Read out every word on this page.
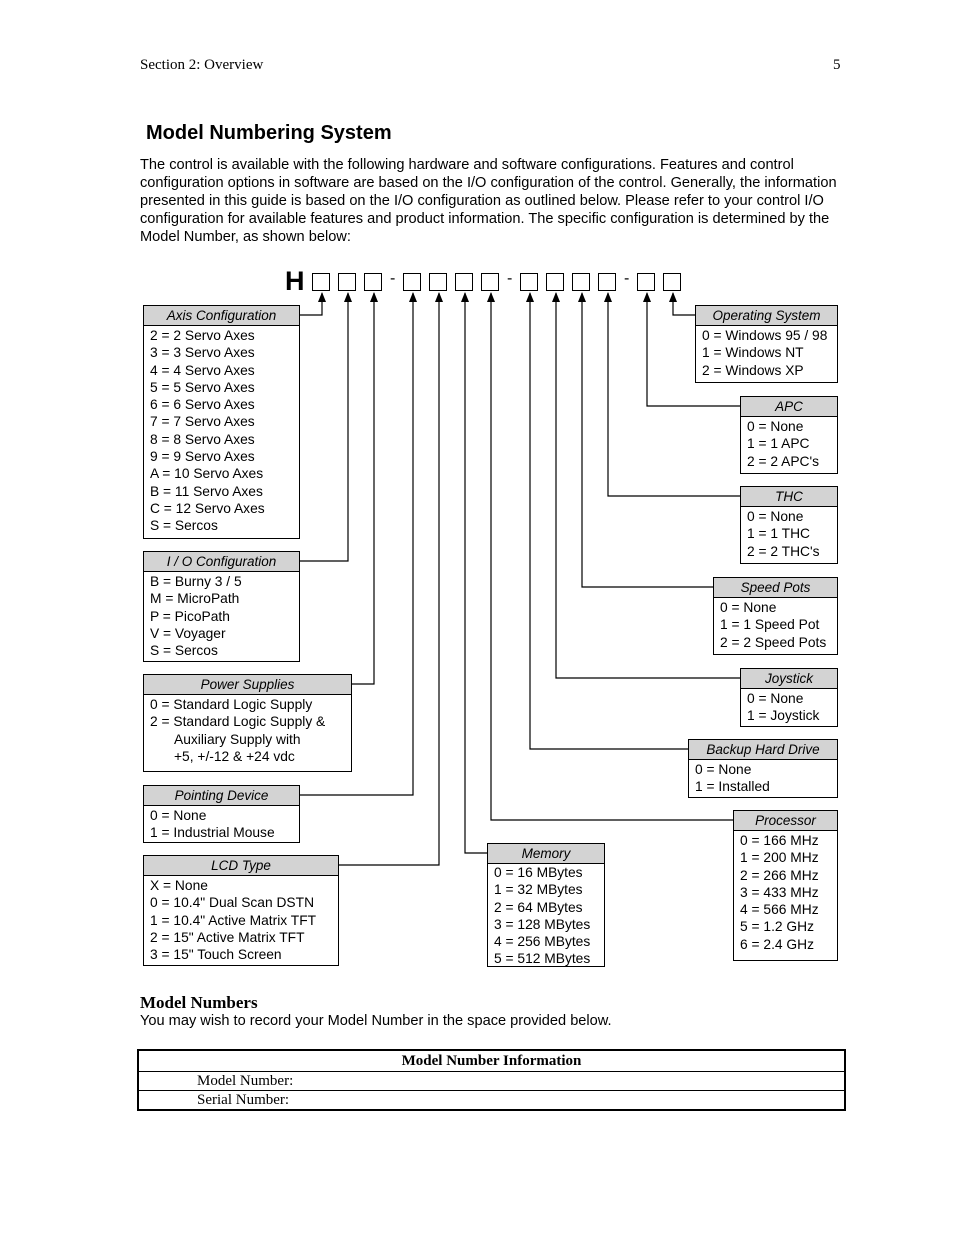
Section 2: Overview	5
Model Numbering System

The control is available with the following hardware and software configurations. Features and control configuration options in software are based on the I/O configuration of the control. Generally, the information presented in this guide is based on the I/O configuration as outlined below. Please refer to your control I/O configuration for available features and product information. The specific configuration is determined by the Model Number, as shown below:

H	-	-	-
Axis Configuration
2 = 2 Servo Axes
3 = 3 Servo Axes
4 = 4 Servo Axes
5 = 5 Servo Axes
6 = 6 Servo Axes
7 = 7 Servo Axes
8 = 8 Servo Axes
9 = 9 Servo Axes
A = 10 Servo Axes
B = 11 Servo Axes
C = 12 Servo Axes
S = Sercos
I / O Configuration
B = Burny 3 / 5
M = MicroPath
P = PicoPath
V = Voyager
S = Sercos
Power Supplies
0 = Standard Logic Supply
2 = Standard Logic Supply &
Auxiliary Supply with
+5, +/-12 & +24 vdc
Pointing Device
0 = None
1 = Industrial Mouse
LCD Type
X = None
0 = 10.4" Dual Scan DSTN
1 = 10.4" Active Matrix TFT
2 = 15" Active Matrix TFT
3 = 15" Touch Screen
Memory
0 = 16 MBytes
1 = 32 MBytes
2 = 64 MBytes
3 = 128 MBytes
4 = 256 MBytes
5 = 512 MBytes
Operating System
0 = Windows 95 / 98
1 = Windows NT
2 = Windows XP
APC
0 = None
1 = 1 APC
2 = 2 APC's
THC
0 = None
1 = 1 THC
2 = 2 THC's
Speed Pots
0 = None
1 = 1 Speed Pot
2 = 2 Speed Pots
Joystick
0 = None
1 = Joystick
Backup Hard Drive
0 = None
1 = Installed
Processor
0 = 166 MHz
1 = 200 MHz
2 = 266 MHz
3 = 433 MHz
4 = 566 MHz
5 = 1.2 GHz
6 = 2.4 GHz
Model Numbers
You may wish to record your Model Number in the space provided below.
Model Number Information
Model Number:
Serial Number:
